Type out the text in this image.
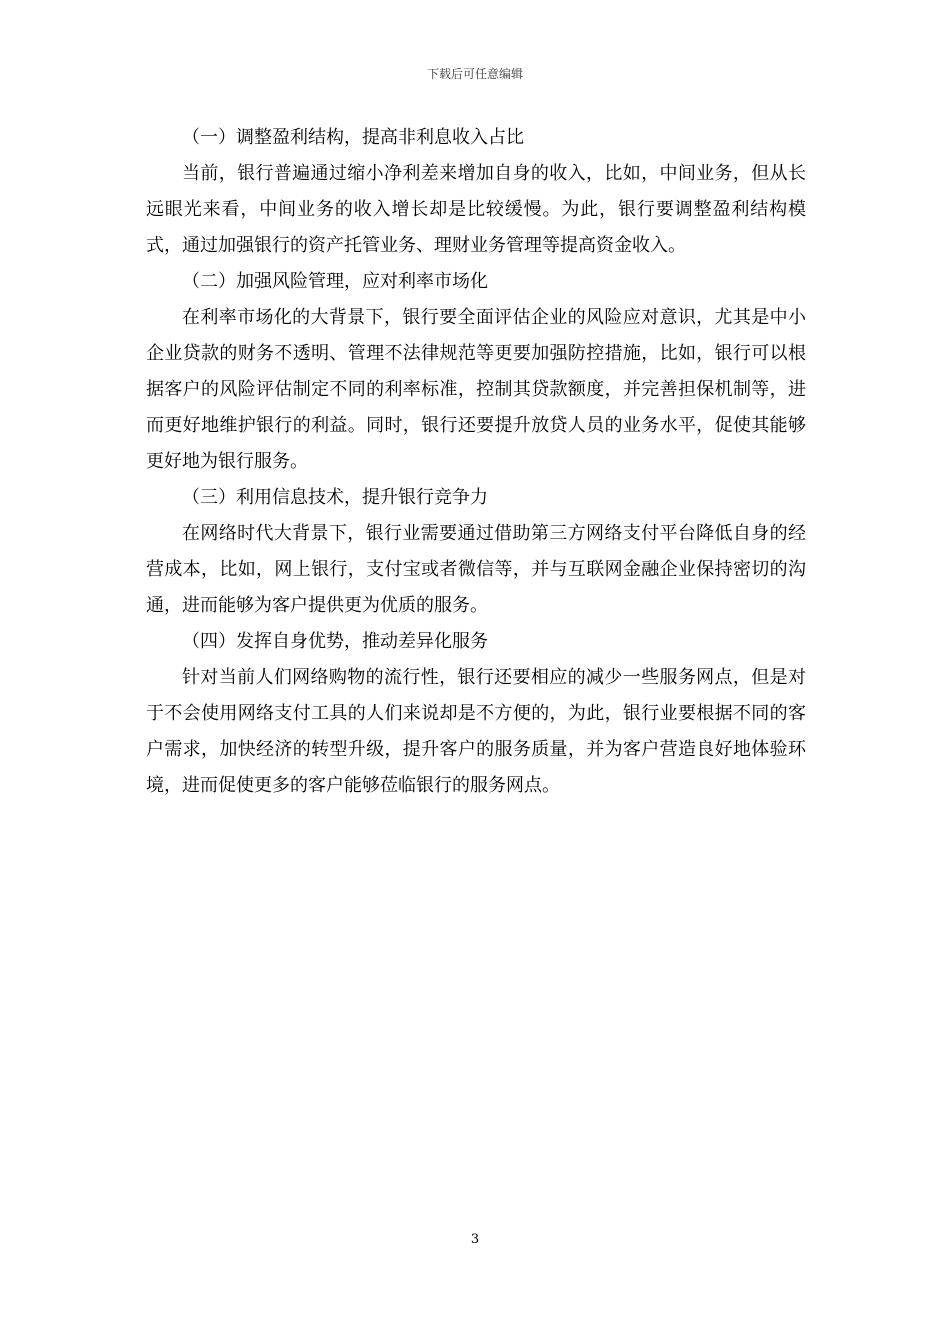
下载后可任意编辑

（一）调整盈利结构，提高非利息收入占比

当前，银行普遍通过缩小净利差来增加自身的收入，比如，中间业务，但从长远眼光来看，中间业务的收入增长却是比较缓慢。为此，银行要调整盈利结构模式，通过加强银行的资产托管业务、理财业务管理等提高资金收入。

（二）加强风险管理，应对利率市场化

在利率市场化的大背景下，银行要全面评估企业的风险应对意识，尤其是中小企业贷款的财务不透明、管理不法律规范等更要加强防控措施，比如，银行可以根据客户的风险评估制定不同的利率标准，控制其贷款额度，并完善担保机制等，进而更好地维护银行的利益。同时，银行还要提升放贷人员的业务水平，促使其能够更好地为银行服务。

（三）利用信息技术，提升银行竞争力

在网络时代大背景下，银行业需要通过借助第三方网络支付平台降低自身的经营成本，比如，网上银行，支付宝或者微信等，并与互联网金融企业保持密切的沟通，进而能够为客户提供更为优质的服务。

（四）发挥自身优势，推动差异化服务

针对当前人们网络购物的流行性，银行还要相应的减少一些服务网点，但是对于不会使用网络支付工具的人们来说却是不方便的，为此，银行业要根据不同的客户需求，加快经济的转型升级，提升客户的服务质量，并为客户营造良好地体验环境，进而促使更多的客户能够莅临银行的服务网点。

3
